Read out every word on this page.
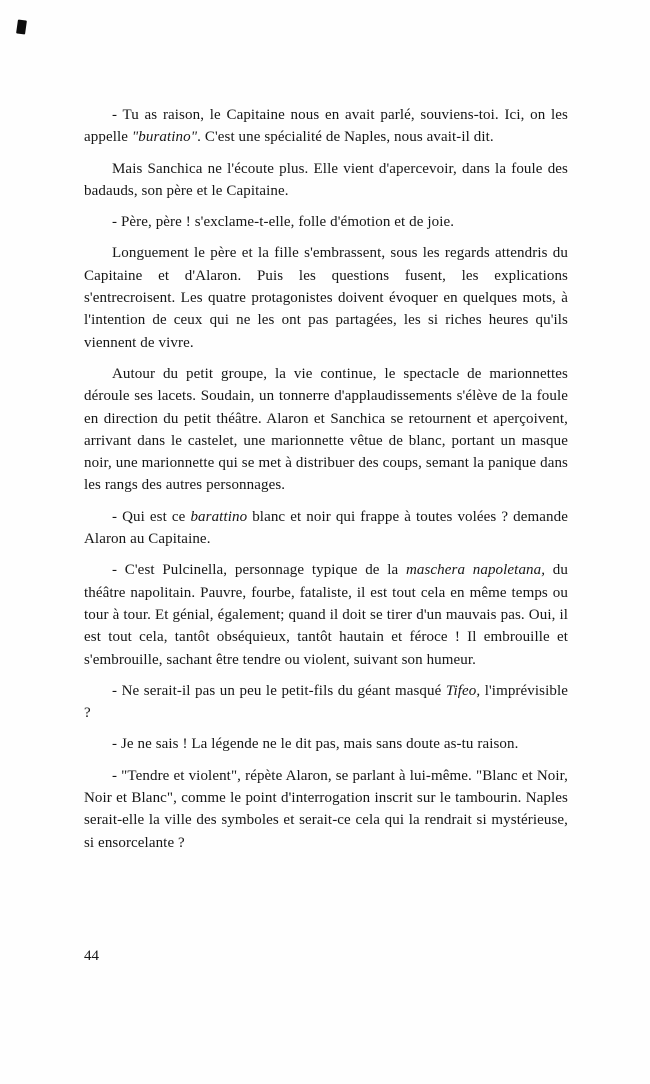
- Tu as raison, le Capitaine nous en avait parlé, souviens-toi. Ici, on les appelle "buratino". C'est une spécialité de Naples, nous avait-il dit.

Mais Sanchica ne l'écoute plus. Elle vient d'apercevoir, dans la foule des badauds, son père et le Capitaine.

- Père, père ! s'exclame-t-elle, folle d'émotion et de joie.

Longuement le père et la fille s'embrassent, sous les regards attendris du Capitaine et d'Alaron. Puis les questions fusent, les explications s'entrecroisent. Les quatre protagonistes doivent évoquer en quelques mots, à l'intention de ceux qui ne les ont pas partagées, les si riches heures qu'ils viennent de vivre.

Autour du petit groupe, la vie continue, le spectacle de marionnettes déroule ses lacets. Soudain, un tonnerre d'applaudissements s'élève de la foule en direction du petit théâtre. Alaron et Sanchica se retournent et aperçoivent, arrivant dans le castelet, une marionnette vêtue de blanc, portant un masque noir, une marionnette qui se met à distribuer des coups, semant la panique dans les rangs des autres personnages.

- Qui est ce barattino blanc et noir qui frappe à toutes volées ? demande Alaron au Capitaine.

- C'est Pulcinella, personnage typique de la maschera napoletana, du théâtre napolitain. Pauvre, fourbe, fataliste, il est tout cela en même temps ou tour à tour. Et génial, également; quand il doit se tirer d'un mauvais pas. Oui, il est tout cela, tantôt obséquieux, tantôt hautain et féroce ! Il embrouille et s'embrouille, sachant être tendre ou violent, suivant son humeur.

- Ne serait-il pas un peu le petit-fils du géant masqué Tifeo, l'imprévisible ?

- Je ne sais ! La légende ne le dit pas, mais sans doute as-tu raison.

- "Tendre et violent", répète Alaron, se parlant à lui-même. "Blanc et Noir, Noir et Blanc", comme le point d'interrogation inscrit sur le tambourin. Naples serait-elle la ville des symboles et serait-ce cela qui la rendrait si mystérieuse, si ensorcelante ?

44
